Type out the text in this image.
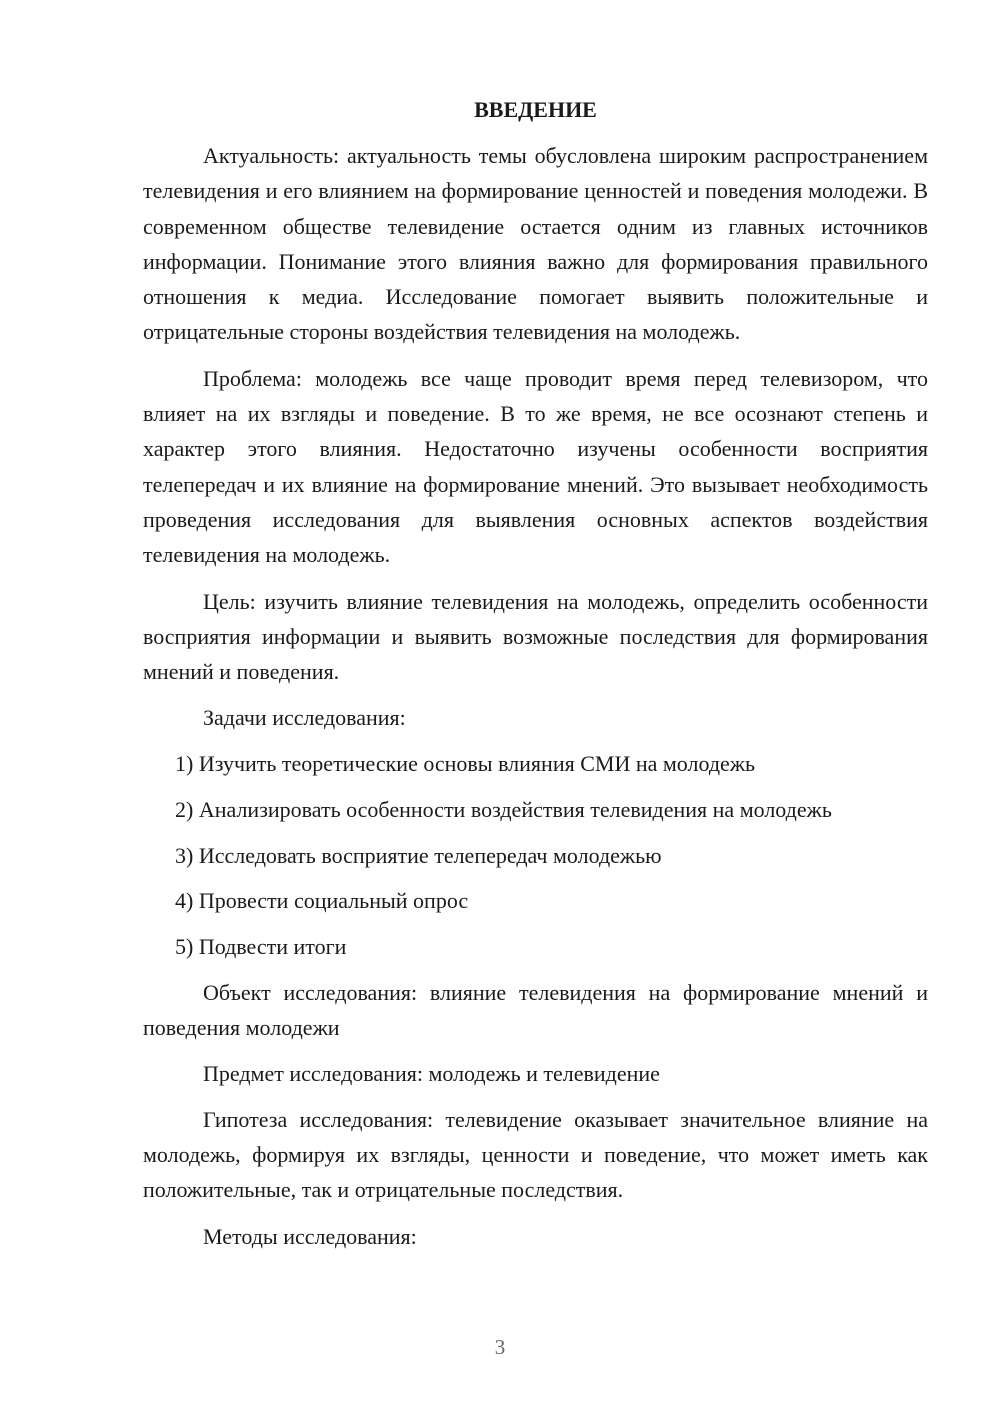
ВВЕДЕНИЕ

Актуальность: актуальность темы обусловлена широким распространением телевидения и его влиянием на формирование ценностей и поведения молодежи. В современном обществе телевидение остается одним из главных источников информации. Понимание этого влияния важно для формирования правильного отношения к медиа. Исследование помогает выявить положительные и отрицательные стороны воздействия телевидения на молодежь.

Проблема: молодежь все чаще проводит время перед телевизором, что влияет на их взгляды и поведение. В то же время, не все осознают степень и характер этого влияния. Недостаточно изучены особенности восприятия телепередач и их влияние на формирование мнений. Это вызывает необходимость проведения исследования для выявления основных аспектов воздействия телевидения на молодежь.

Цель: изучить влияние телевидения на молодежь, определить особенности восприятия информации и выявить возможные последствия для формирования мнений и поведения.

Задачи исследования:

1) Изучить теоретические основы влияния СМИ на молодежь
2) Анализировать особенности воздействия телевидения на молодежь
3) Исследовать восприятие телепередач молодежью
4) Провести социальный опрос
5) Подвести итоги

Объект исследования: влияние телевидения на формирование мнений и поведения молодежи

Предмет исследования: молодежь и телевидение

Гипотеза исследования: телевидение оказывает значительное влияние на молодежь, формируя их взгляды, ценности и поведение, что может иметь как положительные, так и отрицательные последствия.

Методы исследования:

3
